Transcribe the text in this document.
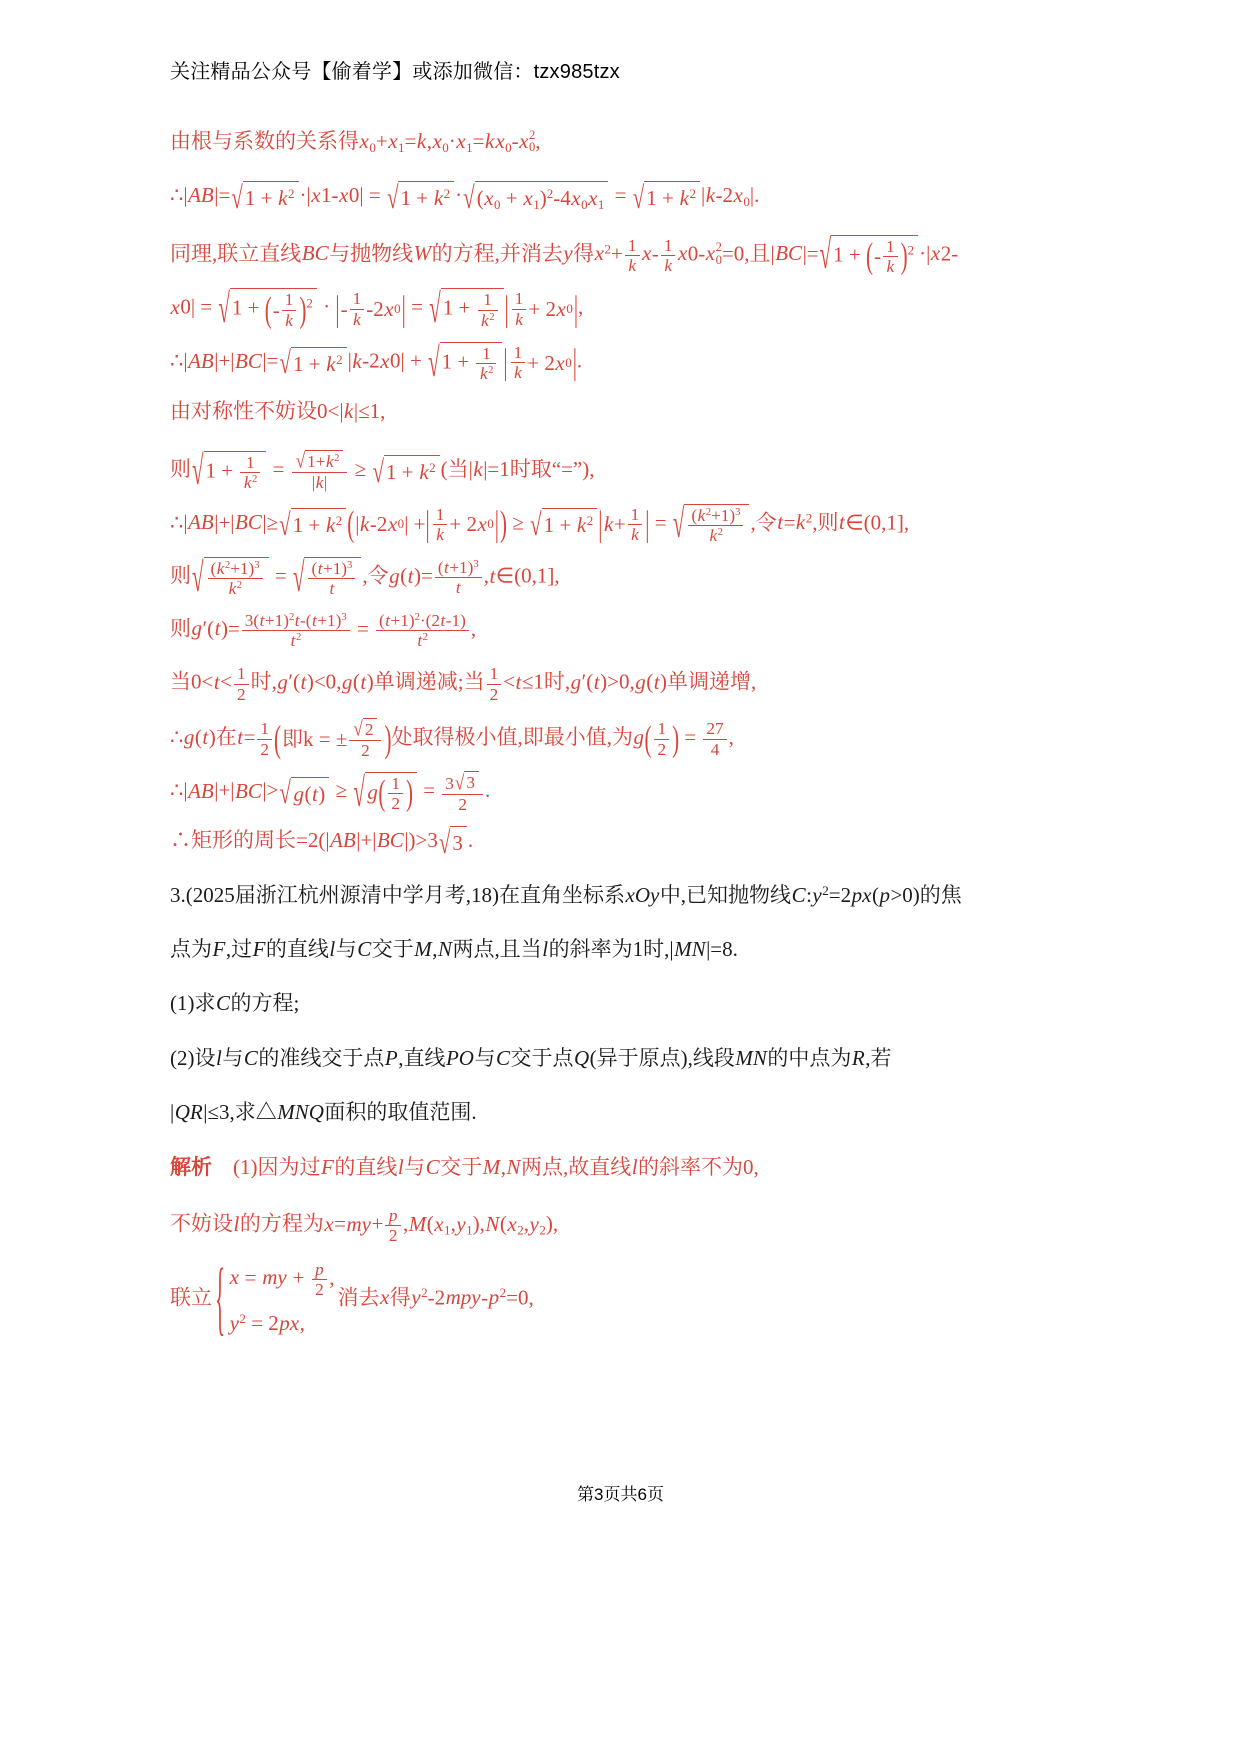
关注精品公众号【偷着学】或添加微信：tzx985tzx
由根与系数的关系得$x_0+x_1=k,x_0\cdot x_1=kx_0-$ x 2
0 ,
∴|AB|= √ $1 + k^2 \cdot|x1-x0|$ = √ $1 + k^2$ · √ $(x_0 + x_1)^2-4x_0x_1$ = √ $1 + k^2$ $|k-2x_0|$.
同理,联立直线BC与抛物线W的方程,并消去y得$x^2+ \frac{1}{k} x- \frac{1}{k} x0-$ x 2
0 =0,且|BC|= √ 1 + ( - $\frac{1}{k}$ ) $^2$ ·|x2-
x0| = √ 1 + ( - $\frac{1}{k}$ ) $^2$ · | - $\frac{1}{k} -2$ x 0 | = √ $1 + \frac{1}{k^2}$ | $\frac{1}{k} + 2$ x 0 | ,
∴|AB|+|BC|= √ $1 + k^2$ |k-2x0| + √ $1 + \frac{1}{k^2}$ | $\frac{1}{k} + 2$ x 0 | .
由对称性不妨设0<|k|≤1,
则 √ $1 + \frac{1}{k^2} = \frac{√ 1+k^2}{|k|}$ ≥ √ $1 + k^2$ (当|k|=1时取“=”),
∴|AB|+|BC|≥ √ $1 + k^2$ ( | k -2 x 0 | + | $\frac{1}{k} + 2$ x 0 | ) ≥ √ $1 + k^2$ | $k + \frac{1}{k}$ | = √ $\frac{(k^2+1)^3}{k^2}$ ,令$t=k^2$,则t∈(0,1],
则 √ $\frac{(k^2+1)^3}{k^2}$ = √ $\frac{(t+1)^3}{t}$ ,令$g(t)= \frac{(t+1)^3}{t}$ ,t∈(0,1],
则$g'(t)= \frac{3(t+1)^2t-(t+1)^3}{t^2} = \frac{(t+1)^2\cdot(2t-1)}{t^2}$ ,
当$0<t< \frac{1}{2}$ 时,g′(t)<0,g(t)单调递减;当 $\frac{1}{2} <t\le 1$时,g′(t)>0,g(t)单调递增,
∴g(t)在$t= \frac{1}{2}$ ( 即k = ± $\frac{√ 2}{2}$ ) 处取得极小值,即最小值,为g ( $\frac{1}{2}$ ) = $\frac{27}{4}$ ,
∴|AB|+|BC|> √ g(t) ≥ √ g ( $\frac{1}{2}$ ) = $\frac{3 √ 3}{2}$ .
∴矩形的周长=2(|AB|+|BC|)>3 √ 3 .
3.(2025届浙江杭州源清中学月考,18)在直角坐标系xOy中,已知抛物线$C:y^2=2px(p>0)$的焦
点为F,过F的直线l与C交于M,N两点,且当l的斜率为1时,|MN|=8.
(1)求C的方程;
(2)设l与C的准线交于点P,直线PO与C交于点Q(异于原点),线段MN的中点为R,若
|QR|≤3,求△MNQ面积的取值范围.
解析　(1)因为过F的直线l与C交于M,N两点,故直线l的斜率不为0,
不妨设l的方程为$x=my+ \frac{p}{2} ,M(x_1,y_1),N(x_2,y_2)$,
联立 { x = my + $\frac{p}{2}$ ,
$y^2 = 2px$,
消去x得$y^2-2mpy-p^2=0$,
第3页共6页
